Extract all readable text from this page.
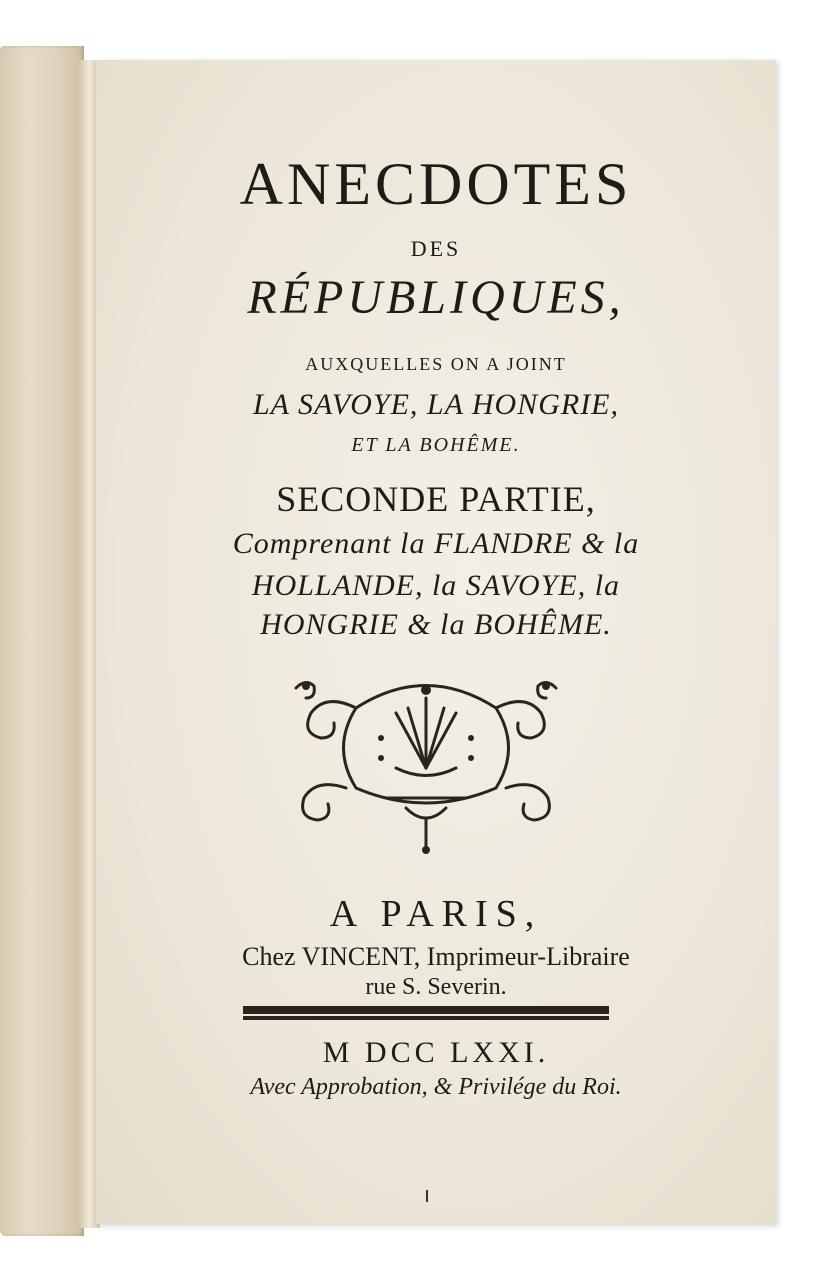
ANECDOTES
DES
RÉPUBLIQUES,
AUXQUELLES ON A JOINT
LA SAVOYE, LA HONGRIE,
ET LA BOHÊME.
SECONDE PARTIE,
Comprenant la FLANDRE & la
HOLLANDE, la SAVOYE, la
HONGRIE & la BOHÊME.
A PARIS,
Chez VINCENT, Imprimeur-Libraire
rue S. Severin.
M DCC LXXI.
Avec Approbation, & Privilége du Roi.
